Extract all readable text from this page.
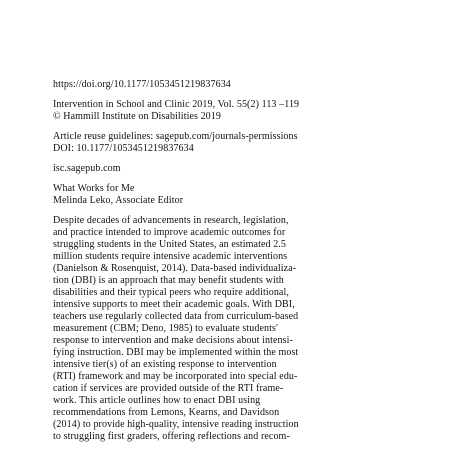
https://doi.org/10.1177/1053451219837634
Intervention in School and Clinic 2019, Vol. 55(2) 113 –119
© Hammill Institute on Disabilities 2019
Article reuse guidelines: sagepub.com/journals-permissions
DOI: 10.1177/1053451219837634
isc.sagepub.com
What Works for Me
Melinda Leko, Associate Editor
Despite decades of advancements in research, legislation,
and practice intended to improve academic outcomes for
struggling students in the United States, an estimated 2.5
million students require intensive academic interventions
(Danielson & Rosenquist, 2014). Data-based individualiza-
tion (DBI) is an approach that may benefit students with
disabilities and their typical peers who require additional,
intensive supports to meet their academic goals. With DBI,
teachers use regularly collected data from curriculum-based
measurement (CBM; Deno, 1985) to evaluate students'
response to intervention and make decisions about intensi-
fying instruction. DBI may be implemented within the most
intensive tier(s) of an existing response to intervention
(RTI) framework and may be incorporated into special edu-
cation if services are provided outside of the RTI frame-
work. This article outlines how to enact DBI using
recommendations from Lemons, Kearns, and Davidson
(2014) to provide high-quality, intensive reading instruction
to struggling first graders, offering reflections and recom-
